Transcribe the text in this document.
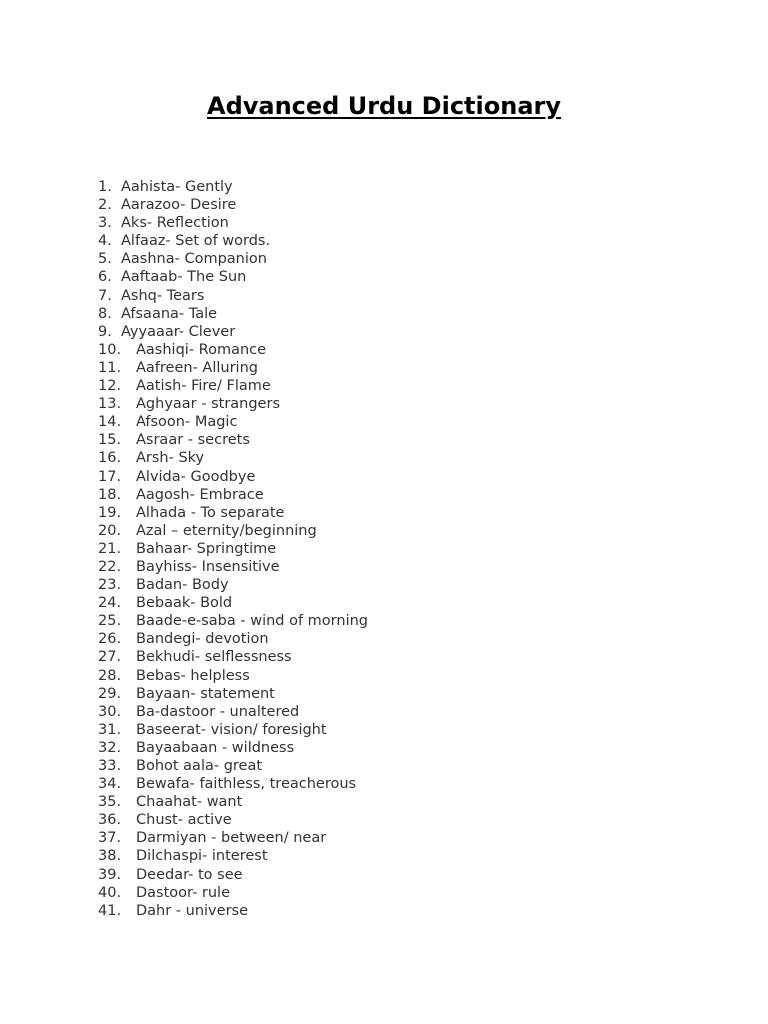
Advanced Urdu Dictionary
1. Aahista- Gently
2. Aarazoo- Desire
3. Aks- Reflection
4. Alfaaz- Set of words.
5. Aashna- Companion
6. Aaftaab- The Sun
7. Ashq- Tears
8. Afsaana- Tale
9. Ayyaaar- Clever
10. Aashiqi- Romance
11. Aafreen- Alluring
12. Aatish- Fire/ Flame
13. Aghyaar - strangers
14. Afsoon- Magic
15. Asraar - secrets
16. Arsh- Sky
17. Alvida- Goodbye
18. Aagosh- Embrace
19. Alhada - To separate
20. Azal – eternity/beginning
21. Bahaar- Springtime
22. Bayhiss- Insensitive
23. Badan- Body
24. Bebaak- Bold
25. Baade-e-saba - wind of morning
26. Bandegi- devotion
27. Bekhudi- selflessness
28. Bebas- helpless
29. Bayaan- statement
30. Ba-dastoor - unaltered
31. Baseerat- vision/ foresight
32. Bayaabaan - wildness
33. Bohot aala- great
34. Bewafa- faithless, treacherous
35. Chaahat- want
36. Chust- active
37. Darmiyan - between/ near
38. Dilchaspi- interest
39. Deedar- to see
40. Dastoor- rule
41. Dahr - universe
